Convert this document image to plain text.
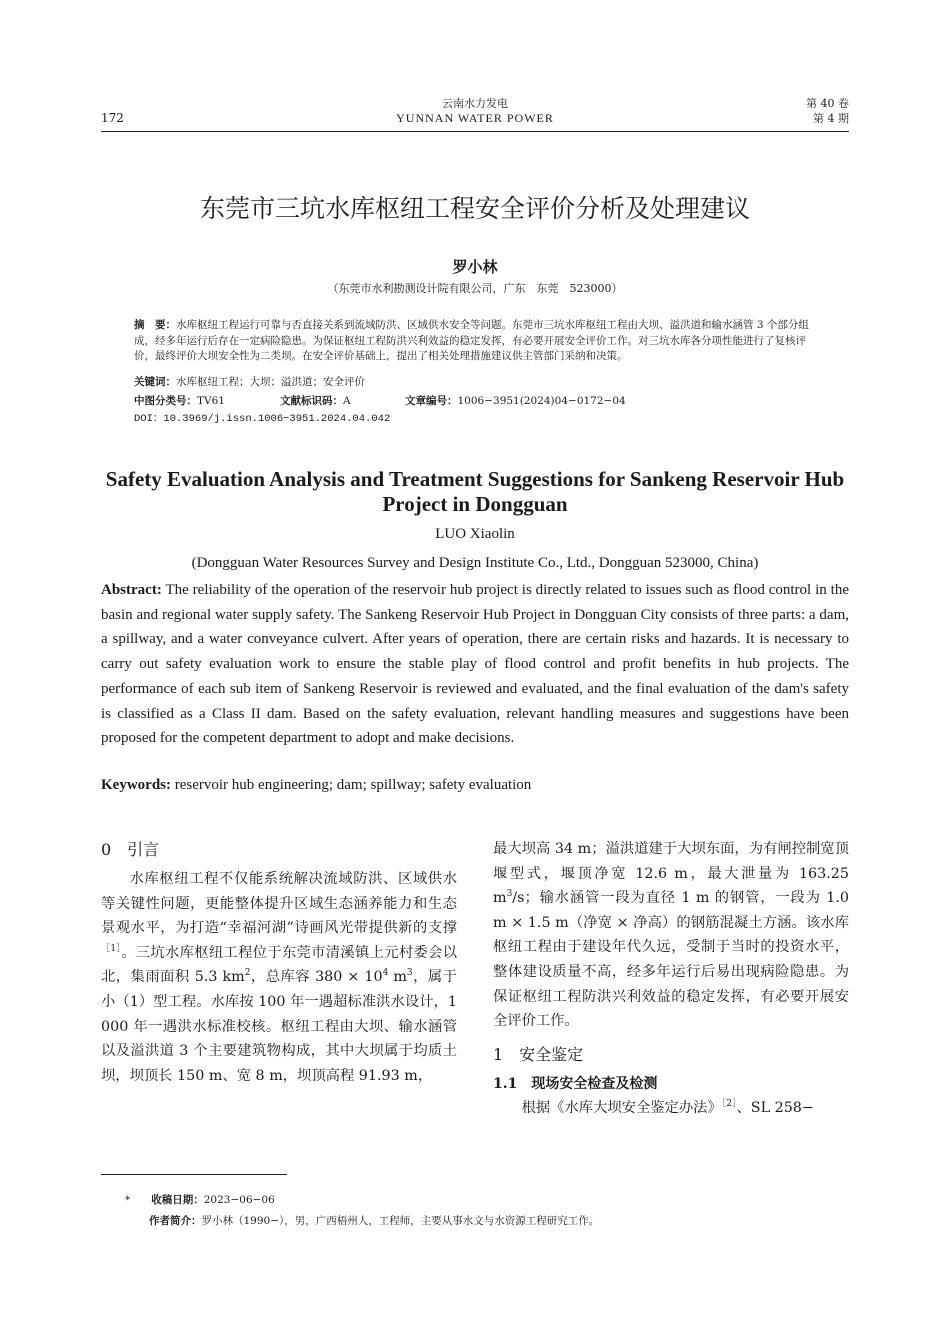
172
云南水力发电
YUNNAN WATER POWER
第 40 卷
第 4 期
东莞市三坑水库枢纽工程安全评价分析及处理建议
罗小林
（东莞市水利勘测设计院有限公司，广东　东莞　523000）
摘　要：水库枢纽工程运行可靠与否直接关系到流域防洪、区域供水安全等问题。东莞市三坑水库枢纽工程由大坝、溢洪道和输水涵管 3 个部分组成，经多年运行后存在一定病险隐患。为保证枢纽工程防洪兴利效益的稳定发挥，有必要开展安全评价工作。对三坑水库各分项性能进行了复核评价，最终评价大坝安全性为二类坝。在安全评价基础上，提出了相关处理措施建议供主管部门采纳和决策。
关键词：水库枢纽工程；大坝；溢洪道；安全评价
中图分类号：TV61	文献标识码：A	文章编号：1006−3951(2024)04−0172−04
DOI：10.3969/j.issn.1006−3951.2024.04.042
Safety Evaluation Analysis and Treatment Suggestions for Sankeng Reservoir Hub Project in Dongguan
LUO Xiaolin
(Dongguan Water Resources Survey and Design Institute Co., Ltd., Dongguan 523000, China)
Abstract: The reliability of the operation of the reservoir hub project is directly related to issues such as flood control in the basin and regional water supply safety. The Sankeng Reservoir Hub Project in Dongguan City consists of three parts: a dam, a spillway, and a water conveyance culvert. After years of operation, there are certain risks and hazards. It is necessary to carry out safety evaluation work to ensure the stable play of flood control and profit benefits in hub projects. The performance of each sub item of Sankeng Reservoir is reviewed and evaluated, and the final evaluation of the dam's safety is classified as a Class II dam. Based on the safety evaluation, relevant handling measures and suggestions have been proposed for the competent department to adopt and make decisions.
Keywords: reservoir hub engineering; dam; spillway; safety evaluation
0　引言

水库枢纽工程不仅能系统解决流域防洪、区域供水等关键性问题，更能整体提升区域生态涵养能力和生态景观水平，为打造“幸福河湖”诗画风光带提供新的支撑$^{[1]}$。三坑水库枢纽工程位于东莞市清溪镇上元村委会以北，集雨面积 5.3 $km^2$，总库容 $380 \times 10^4$ $m^3$，属于小（1）型工程。水库按 100 年一遇超标准洪水设计，1 000 年一遇洪水标准校核。枢纽工程由大坝、输水涵管以及溢洪道 3 个主要建筑物构成，其中大坝属于均质土坝，坝顶长 150 m、宽 8 m，坝顶高程 91.93 m，

最大坝高 34 m；溢洪道建于大坝东面，为有闸控制宽顶堰型式，堰顶净宽 12.6 m，最大泄量为 163.25 $m^3/s$；输水涵管一段为直径 1 m 的钢管，一段为 1.0 m × 1.5 m（净宽 × 净高）的钢筋混凝土方涵。该水库枢纽工程由于建设年代久远，受制于当时的投资水平，整体建设质量不高，经多年运行后易出现病险隐患。为保证枢纽工程防洪兴利效益的稳定发挥，有必要开展安全评价工作。

1　安全鉴定
1.1　现场安全检查及检测

根据《水库大坝安全鉴定办法》$^{[2]}$、SL 258−

*　　 收稿日期：2023−06−06
作者简介：罗小林（1990−），男，广西梧州人，工程师，主要从事水文与水资源工程研究工作。
